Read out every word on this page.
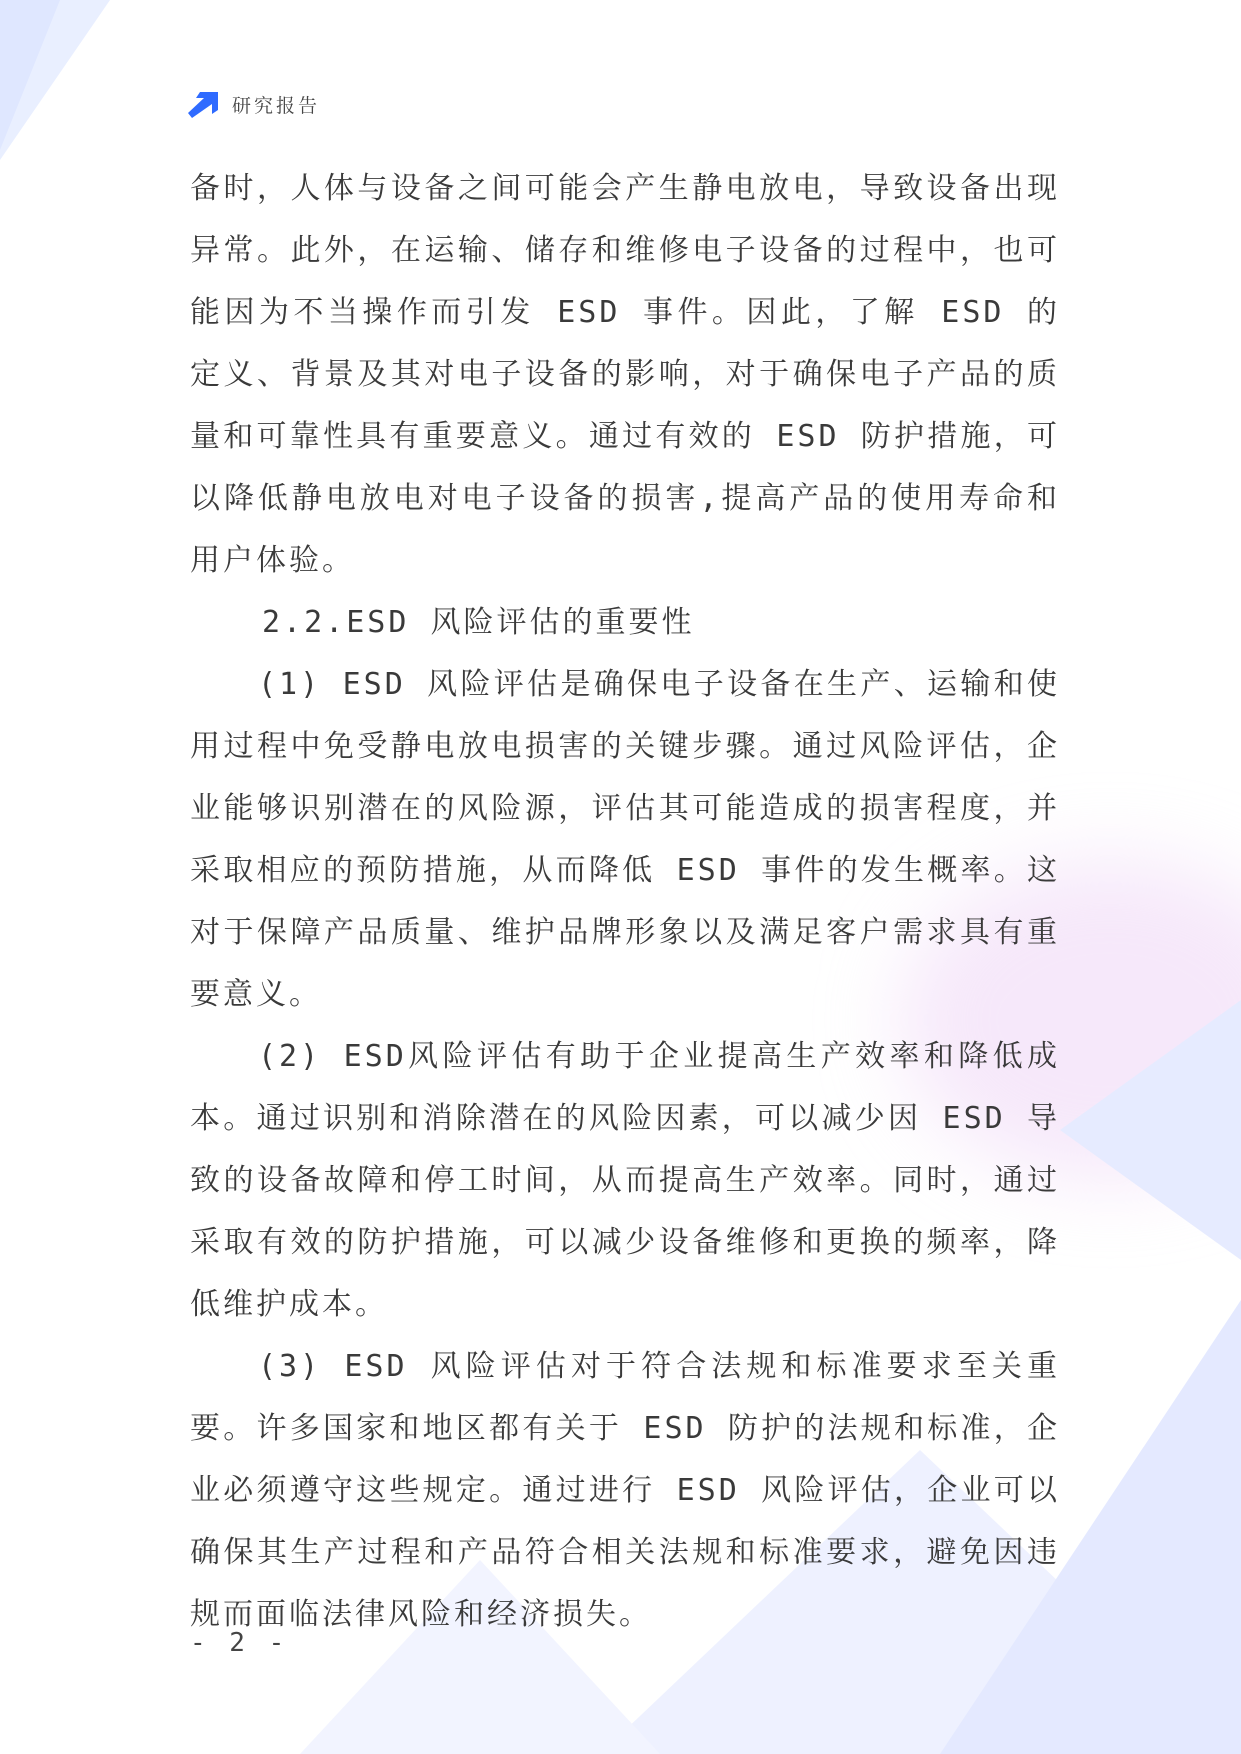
研究报告

备时，人体与设备之间可能会产生静电放电，导致设备出现异常。此外，在运输、储存和维修电子设备的过程中，也可能因为不当操作而引发 ESD 事件。因此，了解 ESD 的定义、背景及其对电子设备的影响，对于确保电子产品的质量和可靠性具有重要意义。通过有效的 ESD 防护措施，可以降低静电放电对电子设备的损害,提高产品的使用寿命和用户体验。

2.2.ESD 风险评估的重要性

(1) ESD 风险评估是确保电子设备在生产、运输和使用过程中免受静电放电损害的关键步骤。通过风险评估，企业能够识别潜在的风险源，评估其可能造成的损害程度，并采取相应的预防措施，从而降低 ESD 事件的发生概率。这对于保障产品质量、维护品牌形象以及满足客户需求具有重要意义。

(2) ESD风险评估有助于企业提高生产效率和降低成本。通过识别和消除潜在的风险因素，可以减少因 ESD 导致的设备故障和停工时间，从而提高生产效率。同时，通过采取有效的防护措施，可以减少设备维修和更换的频率，降低维护成本。

(3) ESD 风险评估对于符合法规和标准要求至关重要。许多国家和地区都有关于 ESD 防护的法规和标准，企业必须遵守这些规定。通过进行 ESD 风险评估，企业可以确保其生产过程和产品符合相关法规和标准要求，避免因违规而面临法律风险和经济损失。

- 2 -
